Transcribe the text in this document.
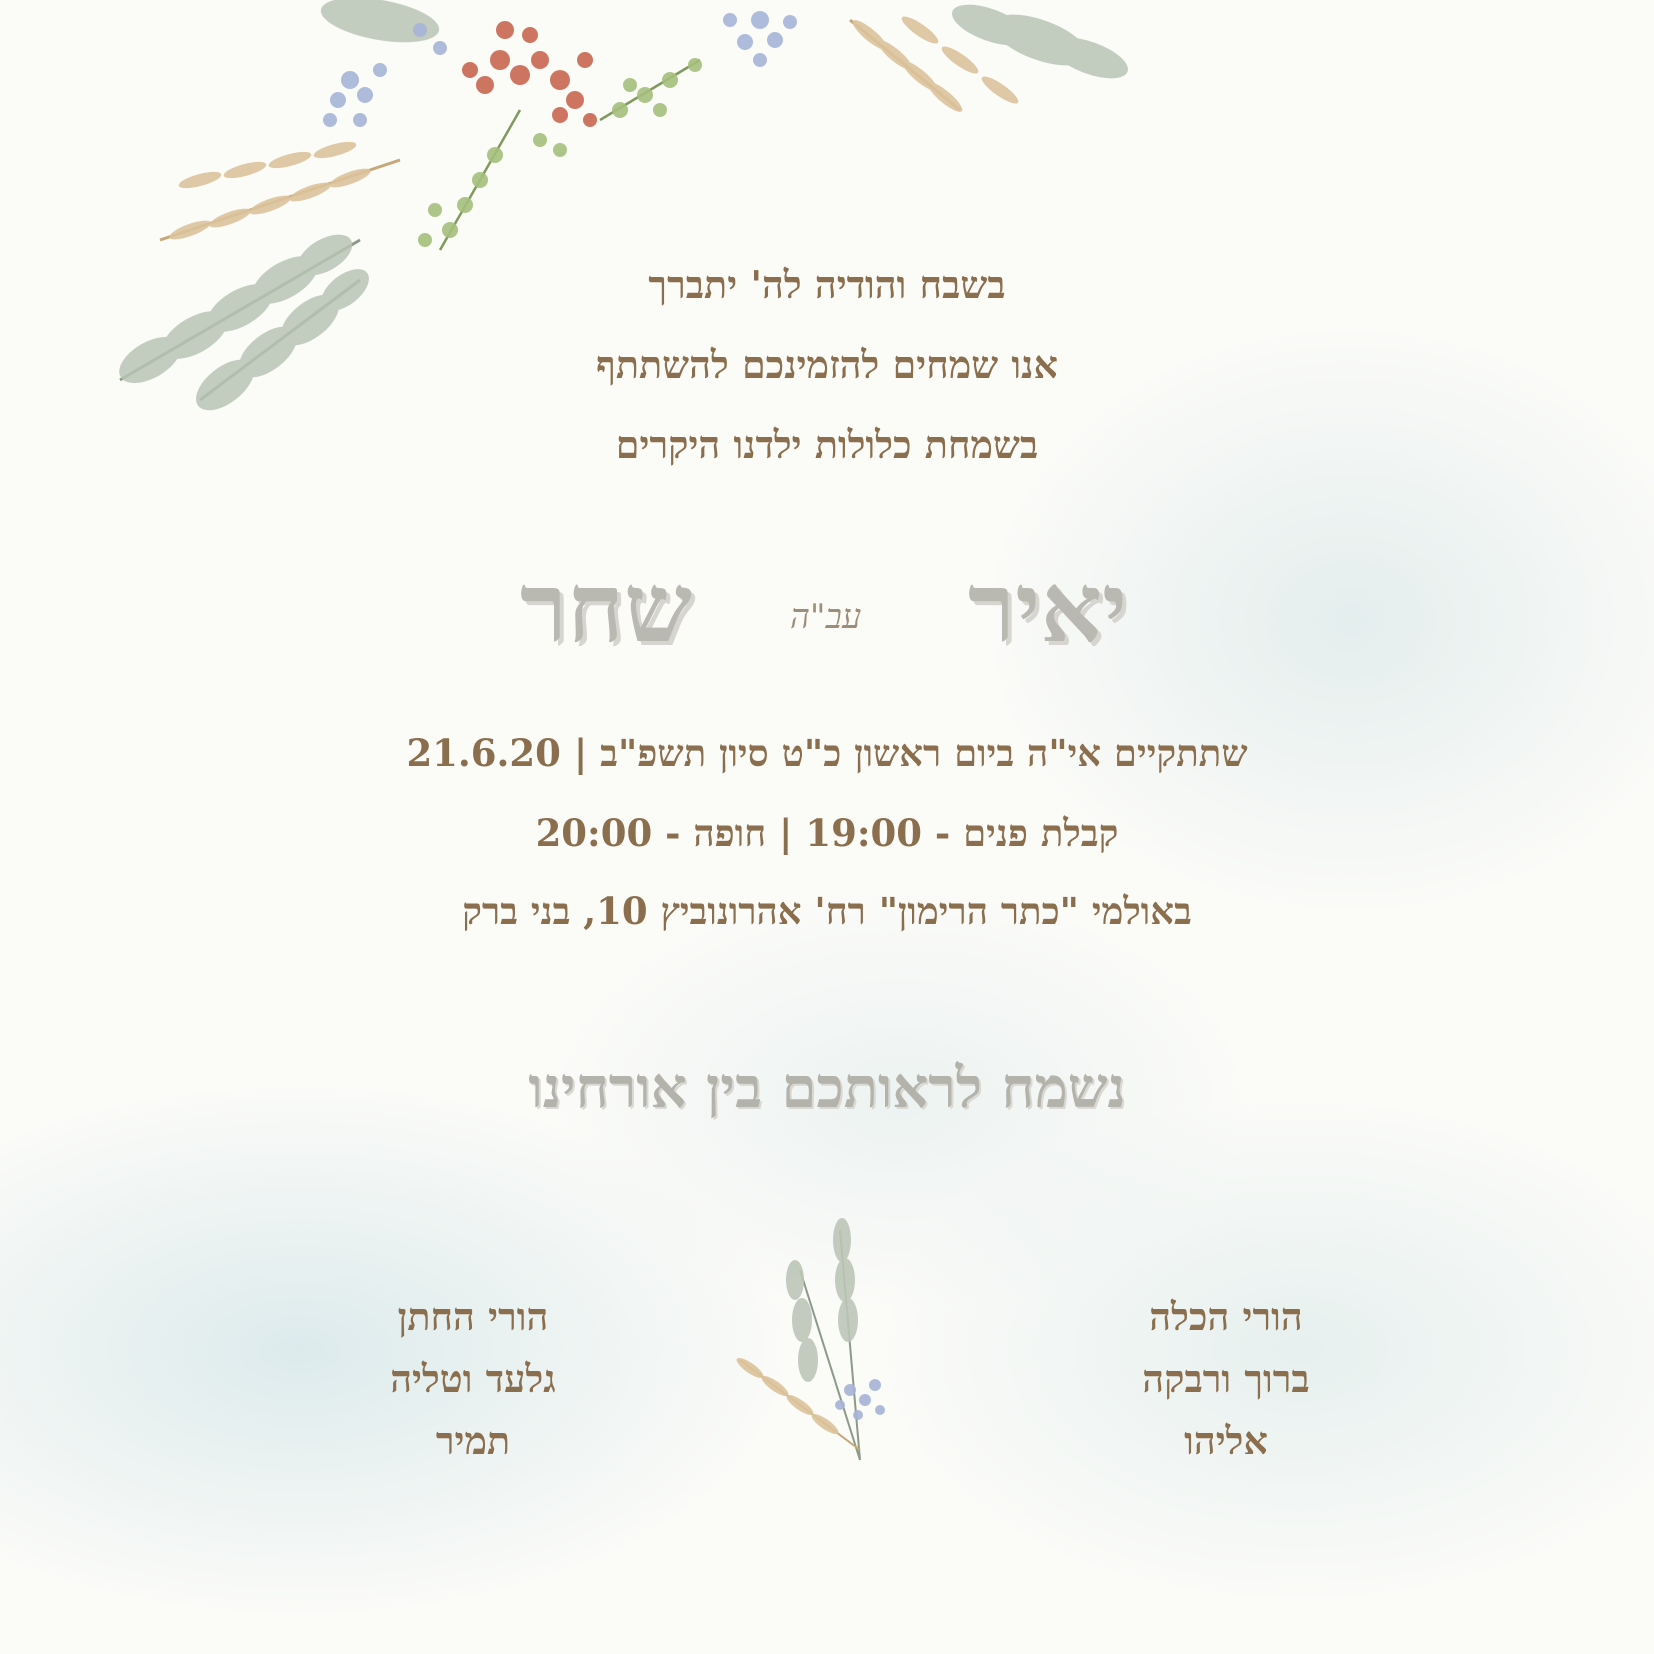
בשבח והודיה לה' יתברך
אנו שמחים להזמינכם להשתתף
בשמחת כלולות ילדנו היקרים
יאיר
עב"ה
שחר
שתתקיים אי"ה ביום ראשון כ"ט סיון תשפ"ב | 21.6.20
קבלת פנים - 19:00 | חופה - 20:00
באולמי "כתר הרימון" רח' אהרונוביץ 10, בני ברק
נשמח לראותכם בין אורחינו
הורי הכלה
ברוך ורבקה
אליהו
הורי החתן
גלעד וטליה
תמיר
